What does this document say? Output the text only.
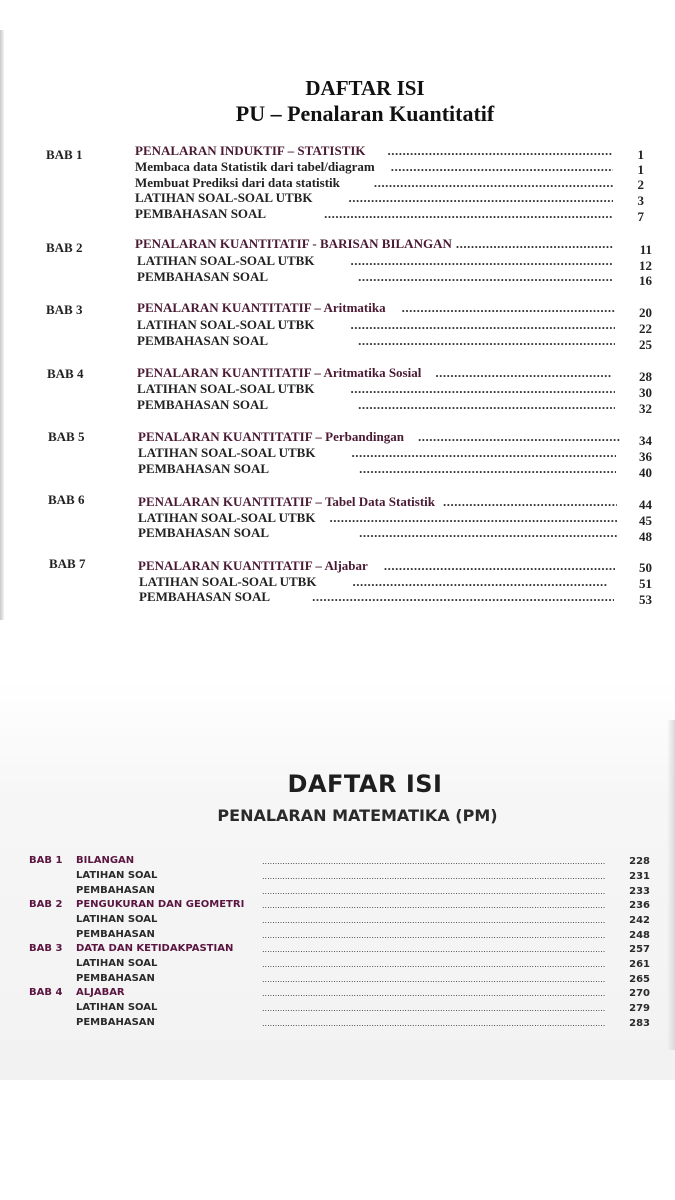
DAFTAR ISI
PU – Penalaran Kuantitatif
BAB 1	PENALARAN INDUKTIF – STATISTIK .....	1
Membaca data Statistik dari tabel/diagram .....	1
Membuat Prediksi dari data statistik .....	2
LATIHAN SOAL-SOAL UTBK .....	3
PEMBAHASAN SOAL .....	7
BAB 2	PENALARAN KUANTITATIF - BARISAN BILANGAN .....	11
LATIHAN SOAL-SOAL UTBK .....	12
PEMBAHASAN SOAL .....	16
BAB 3	PENALARAN KUANTITATIF – Aritmatika .....	20
LATIHAN SOAL-SOAL UTBK .....	22
PEMBAHASAN SOAL .....	25
BAB 4	PENALARAN KUANTITATIF – Aritmatika Sosial .....	28
LATIHAN SOAL-SOAL UTBK .....	30
PEMBAHASAN SOAL .....	32
BAB 5	PENALARAN KUANTITATIF – Perbandingan .....	34
LATIHAN SOAL-SOAL UTBK .....	36
PEMBAHASAN SOAL .....	40
BAB 6	PENALARAN KUANTITATIF – Tabel Data Statistik .....	44
LATIHAN SOAL-SOAL UTBK .....	45
PEMBAHASAN SOAL .....	48
BAB 7	PENALARAN KUANTITATIF – Aljabar .....	50
LATIHAN SOAL-SOAL UTBK .....	51
PEMBAHASAN SOAL .....	53
DAFTAR ISI
PENALARAN MATEMATIKA (PM)
BAB 1 BILANGAN .....	228
LATIHAN SOAL .....	231
PEMBAHASAN .....	233
BAB 2 PENGUKURAN DAN GEOMETRI .....	236
LATIHAN SOAL .....	242
PEMBAHASAN .....	248
BAB 3 DATA DAN KETIDAKPASTIAN .....	257
LATIHAN SOAL .....	261
PEMBAHASAN .....	265
BAB 4 ALJABAR .....	270
LATIHAN SOAL .....	279
PEMBAHASAN .....	283
